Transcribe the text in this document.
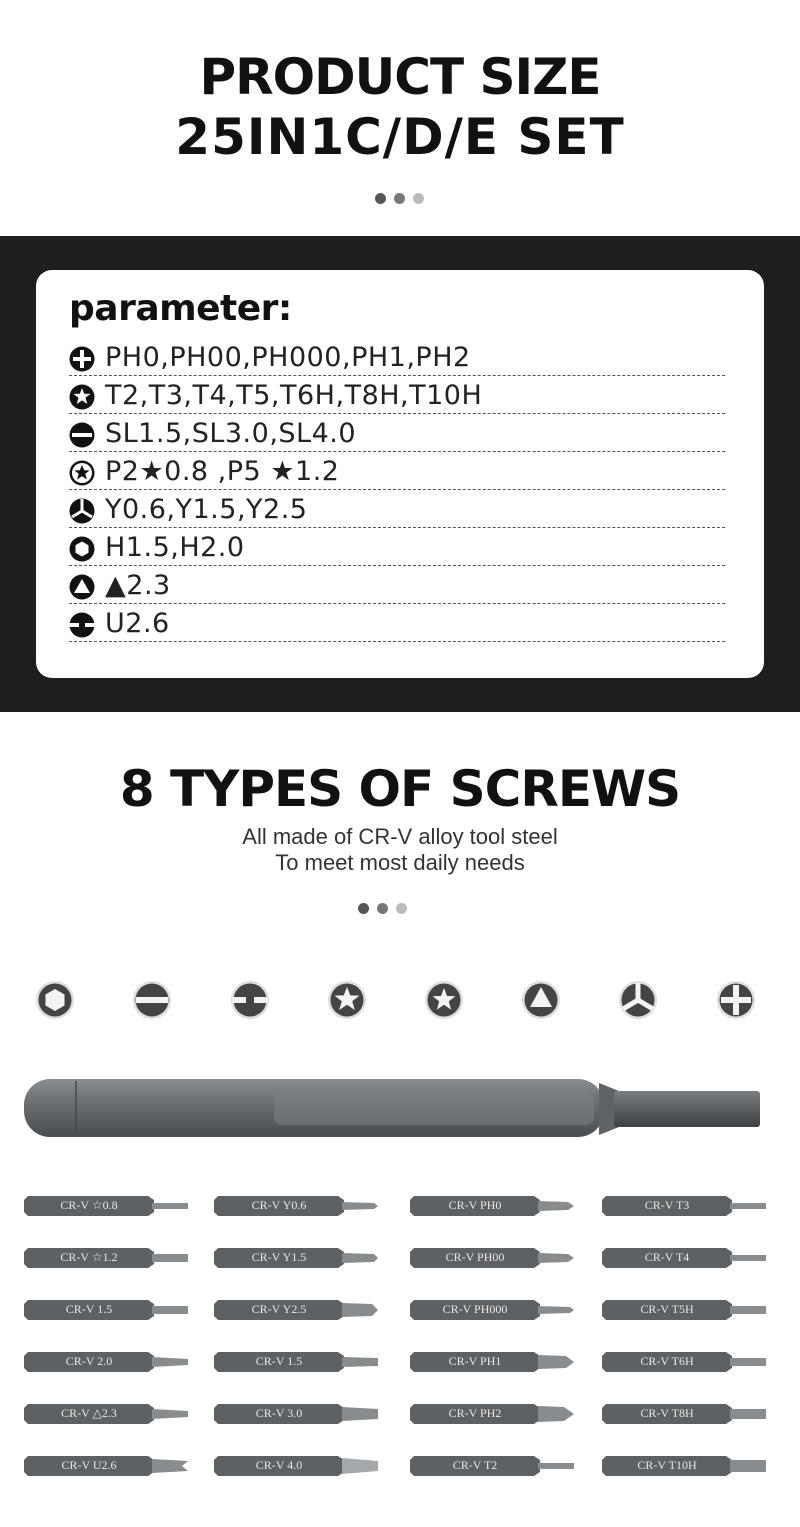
PRODUCT SIZE
25IN1C/D/E SET
parameter:
PH0,PH00,PH000,PH1,PH2
T2,T3,T4,T5,T6H,T8H,T10H
SL1.5,SL3.0,SL4.0
P2★0.8 ,P5 ★1.2
Y0.6,Y1.5,Y2.5
H1.5,H2.0
▲2.3
U2.6
8 TYPES OF SCREWS
All made of CR-V alloy tool steel
To meet most daily needs
CR-V ☆0.8
CR-V ☆1.2
CR-V 1.5
CR-V 2.0
CR-V △2.3
CR-V U2.6
CR-V Y0.6
CR-V Y1.5
CR-V Y2.5
CR-V 1.5
CR-V 3.0
CR-V 4.0
CR-V PH0
CR-V PH00
CR-V PH000
CR-V PH1
CR-V PH2
CR-V T2
CR-V T3
CR-V T4
CR-V T5H
CR-V T6H
CR-V T8H
CR-V T10H
